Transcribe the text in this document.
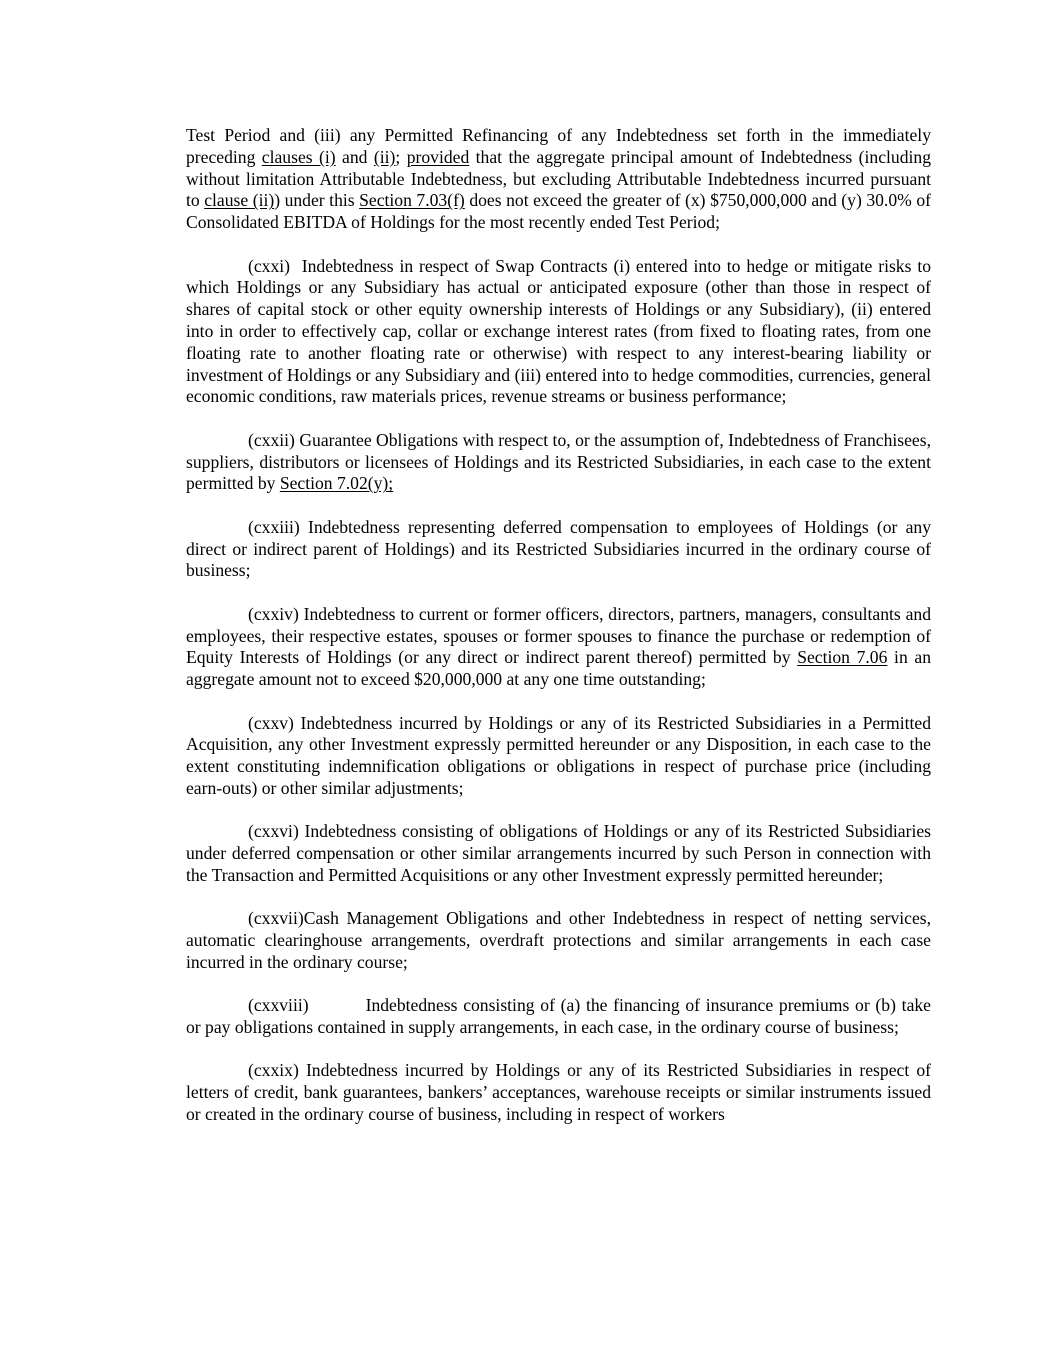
Test Period and (iii) any Permitted Refinancing of any Indebtedness set forth in the immediately preceding clauses (i) and (ii); provided that the aggregate principal amount of Indebtedness (including without limitation Attributable Indebtedness, but excluding Attributable Indebtedness incurred pursuant to clause (ii)) under this Section 7.03(f) does not exceed the greater of (x) $750,000,000 and (y) 30.0% of Consolidated EBITDA of Holdings for the most recently ended Test Period;

(cxxi)  Indebtedness in respect of Swap Contracts (i) entered into to hedge or mitigate risks to which Holdings or any Subsidiary has actual or anticipated exposure (other than those in respect of shares of capital stock or other equity ownership interests of Holdings or any Subsidiary), (ii) entered into in order to effectively cap, collar or exchange interest rates (from fixed to floating rates, from one floating rate to another floating rate or otherwise) with respect to any interest-bearing liability or investment of Holdings or any Subsidiary and (iii) entered into to hedge commodities, currencies, general economic conditions, raw materials prices, revenue streams or business performance;

(cxxii) Guarantee Obligations with respect to, or the assumption of, Indebtedness of Franchisees, suppliers, distributors or licensees of Holdings and its Restricted Subsidiaries, in each case to the extent permitted by Section 7.02(y);

(cxxiii) Indebtedness representing deferred compensation to employees of Holdings (or any direct or indirect parent of Holdings) and its Restricted Subsidiaries incurred in the ordinary course of business;

(cxxiv) Indebtedness to current or former officers, directors, partners, managers, consultants and employees, their respective estates, spouses or former spouses to finance the purchase or redemption of Equity Interests of Holdings (or any direct or indirect parent thereof) permitted by Section 7.06 in an aggregate amount not to exceed $20,000,000 at any one time outstanding;

(cxxv) Indebtedness incurred by Holdings or any of its Restricted Subsidiaries in a Permitted Acquisition, any other Investment expressly permitted hereunder or any Disposition, in each case to the extent constituting indemnification obligations or obligations in respect of purchase price (including earn-outs) or other similar adjustments;

(cxxvi) Indebtedness consisting of obligations of Holdings or any of its Restricted Subsidiaries under deferred compensation or other similar arrangements incurred by such Person in connection with the Transaction and Permitted Acquisitions or any other Investment expressly permitted hereunder;

(cxxvii)Cash Management Obligations and other Indebtedness in respect of netting services, automatic clearinghouse arrangements, overdraft protections and similar arrangements in each case incurred in the ordinary course;

(cxxviii)	Indebtedness consisting of (a) the financing of insurance premiums or (b) take or pay obligations contained in supply arrangements, in each case, in the ordinary course of business;

(cxxix) Indebtedness incurred by Holdings or any of its Restricted Subsidiaries in respect of letters of credit, bank guarantees, bankers’ acceptances, warehouse receipts or similar instruments issued or created in the ordinary course of business, including in respect of workers
